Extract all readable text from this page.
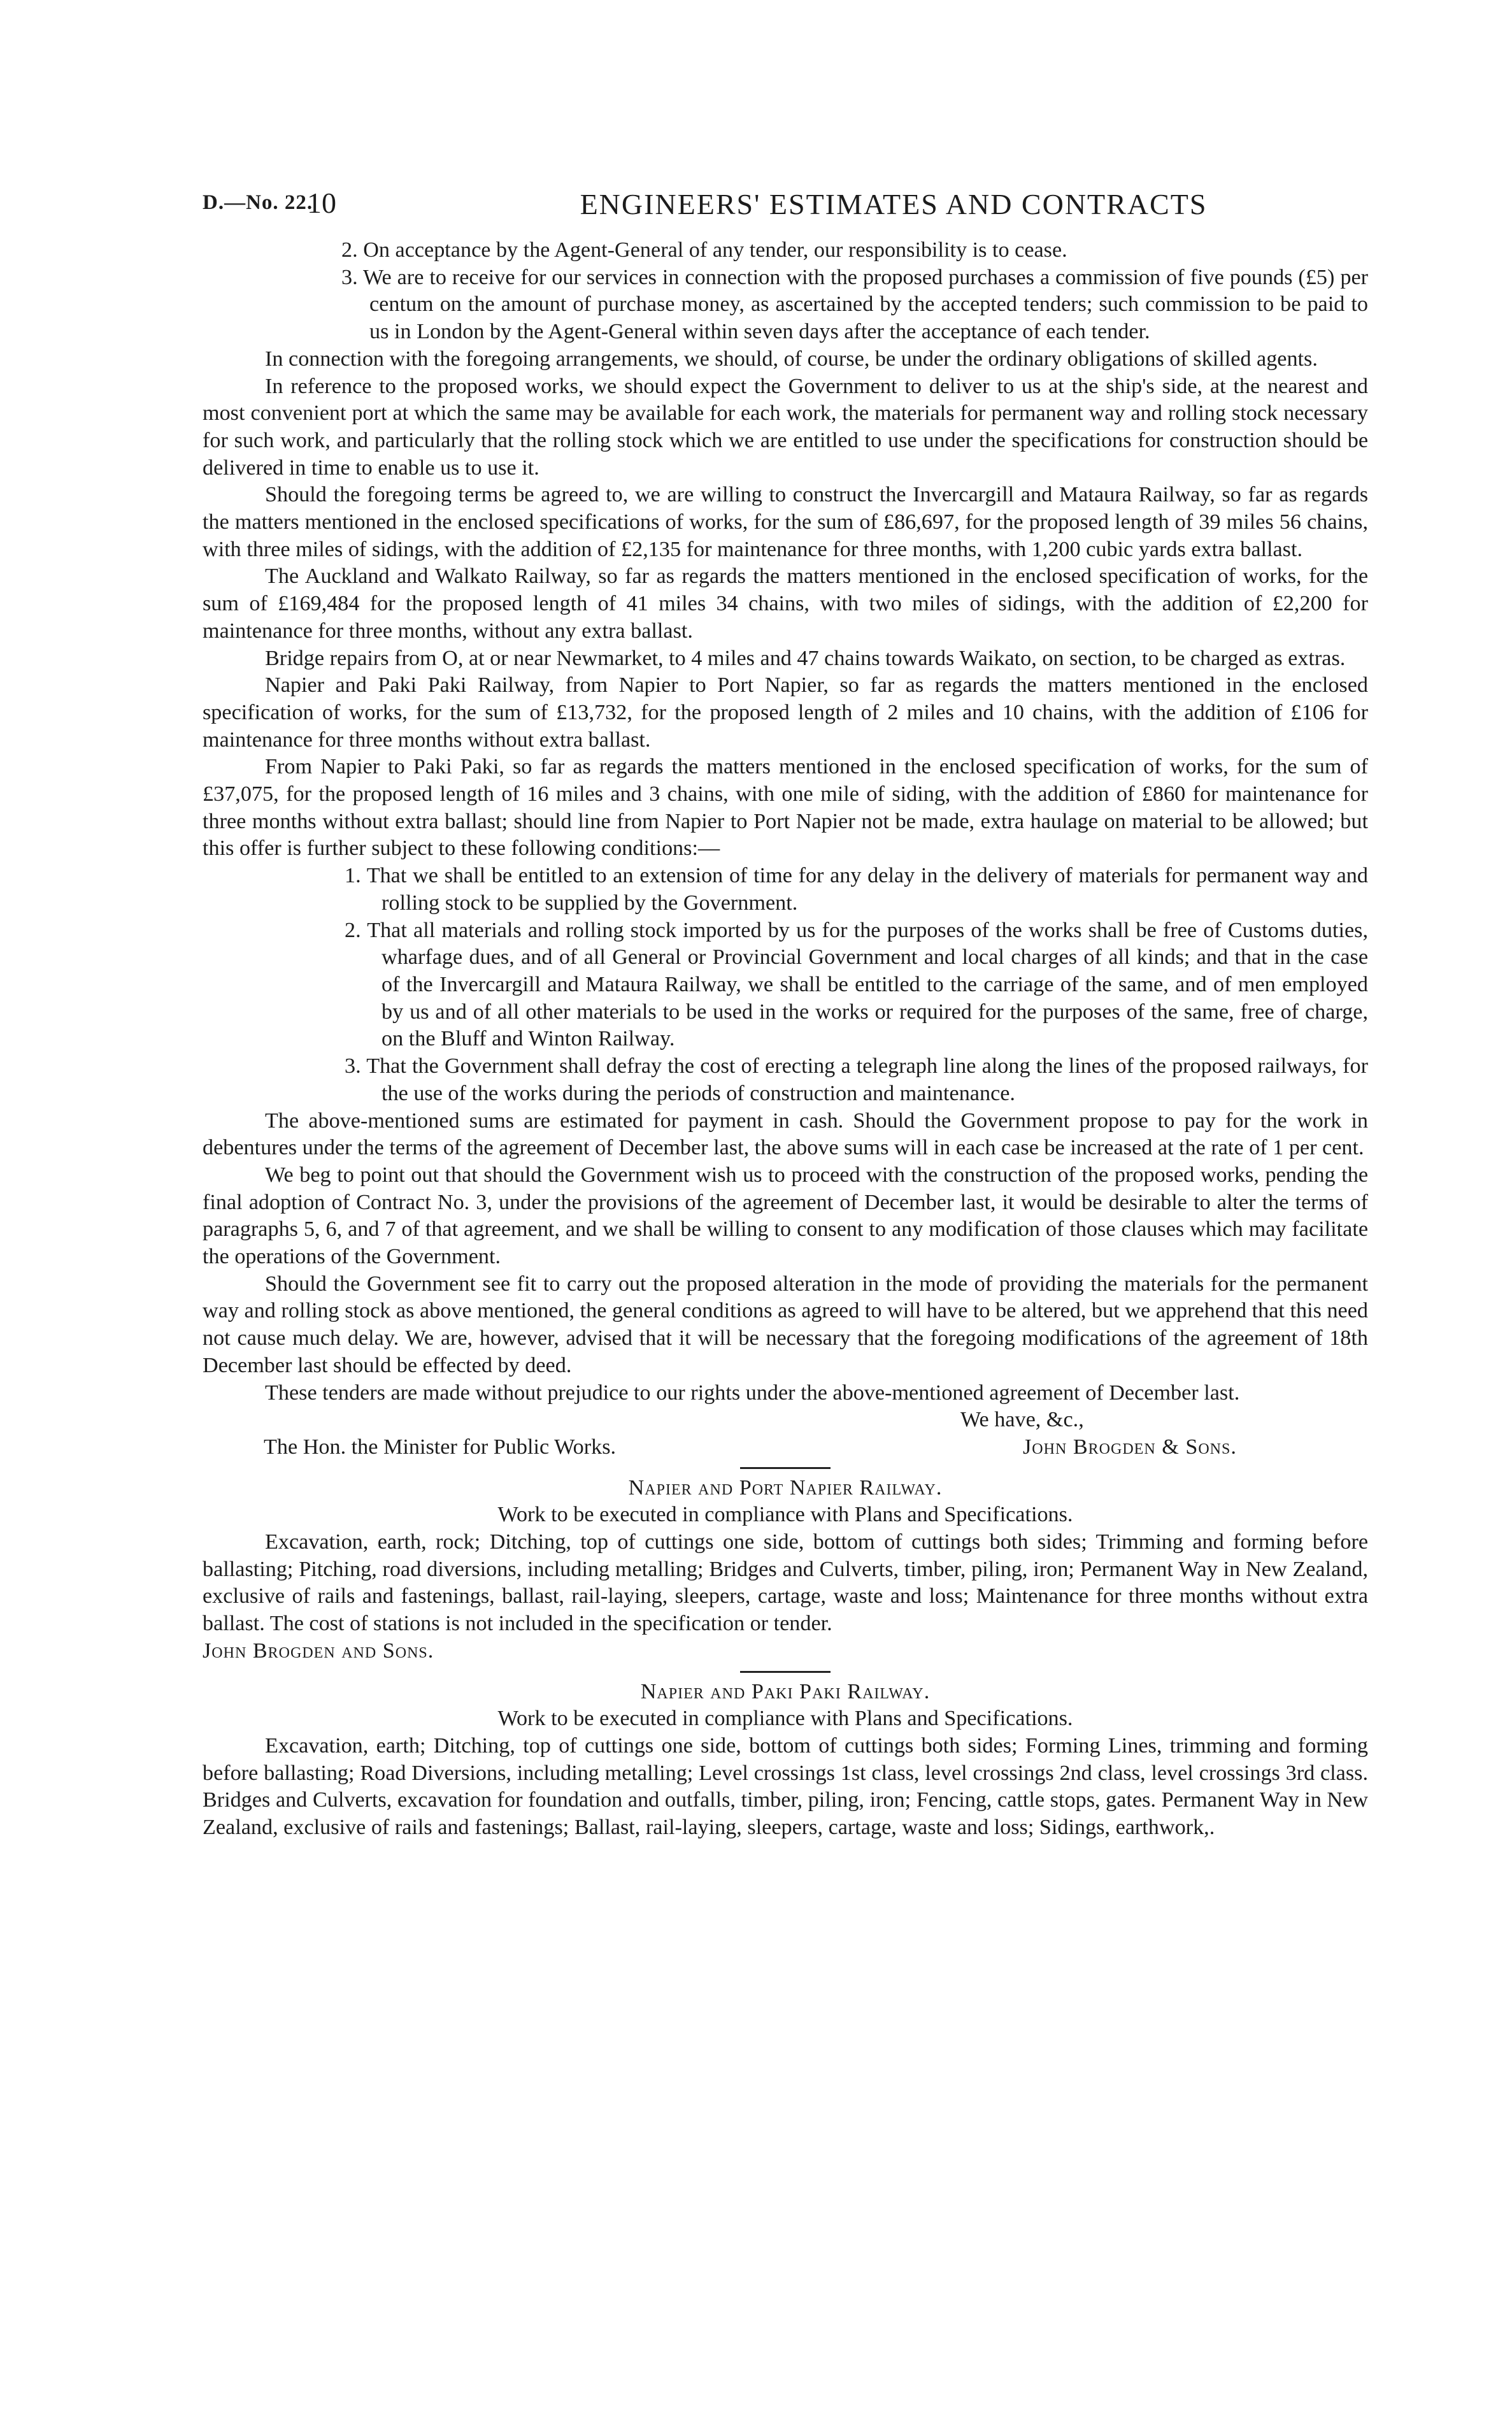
D.—No. 22.
10	ENGINEERS' ESTIMATES AND CONTRACTS

2. On acceptance by the Agent-General of any tender, our responsibility is to cease.

3. We are to receive for our services in connection with the proposed purchases a commission of five pounds (£5) per centum on the amount of purchase money, as ascertained by the accepted tenders; such commission to be paid to us in London by the Agent-General within seven days after the acceptance of each tender.

In connection with the foregoing arrangements, we should, of course, be under the ordinary obligations of skilled agents.

In reference to the proposed works, we should expect the Government to deliver to us at the ship's side, at the nearest and most convenient port at which the same may be available for each work, the materials for permanent way and rolling stock necessary for such work, and particularly that the rolling stock which we are entitled to use under the specifications for construction should be delivered in time to enable us to use it.

Should the foregoing terms be agreed to, we are willing to construct the Invercargill and Mataura Railway, so far as regards the matters mentioned in the enclosed specifications of works, for the sum of £86,697, for the proposed length of 39 miles 56 chains, with three miles of sidings, with the addition of £2,135 for maintenance for three months, with 1,200 cubic yards extra ballast.

The Auckland and Walkato Railway, so far as regards the matters mentioned in the enclosed specification of works, for the sum of £169,484 for the proposed length of 41 miles 34 chains, with two miles of sidings, with the addition of £2,200 for maintenance for three months, without any extra ballast.

Bridge repairs from O, at or near Newmarket, to 4 miles and 47 chains towards Waikato, on section, to be charged as extras.

Napier and Paki Paki Railway, from Napier to Port Napier, so far as regards the matters mentioned in the enclosed specification of works, for the sum of £13,732, for the proposed length of 2 miles and 10 chains, with the addition of £106 for maintenance for three months without extra ballast.

From Napier to Paki Paki, so far as regards the matters mentioned in the enclosed specification of works, for the sum of £37,075, for the proposed length of 16 miles and 3 chains, with one mile of siding, with the addition of £860 for maintenance for three months without extra ballast; should line from Napier to Port Napier not be made, extra haulage on material to be allowed; but this offer is further subject to these following conditions:—

1. That we shall be entitled to an extension of time for any delay in the delivery of materials for permanent way and rolling stock to be supplied by the Government.

2. That all materials and rolling stock imported by us for the purposes of the works shall be free of Customs duties, wharfage dues, and of all General or Provincial Government and local charges of all kinds; and that in the case of the Invercargill and Mataura Railway, we shall be entitled to the carriage of the same, and of men employed by us and of all other materials to be used in the works or required for the purposes of the same, free of charge, on the Bluff and Winton Railway.

3. That the Government shall defray the cost of erecting a telegraph line along the lines of the proposed railways, for the use of the works during the periods of construction and maintenance.

The above-mentioned sums are estimated for payment in cash. Should the Government propose to pay for the work in debentures under the terms of the agreement of December last, the above sums will in each case be increased at the rate of 1 per cent.

We beg to point out that should the Government wish us to proceed with the construction of the proposed works, pending the final adoption of Contract No. 3, under the provisions of the agreement of December last, it would be desirable to alter the terms of paragraphs 5, 6, and 7 of that agreement, and we shall be willing to consent to any modification of those clauses which may facilitate the operations of the Government.

Should the Government see fit to carry out the proposed alteration in the mode of providing the materials for the permanent way and rolling stock as above mentioned, the general conditions as agreed to will have to be altered, but we apprehend that this need not cause much delay. We are, however, advised that it will be necessary that the foregoing modifications of the agreement of 18th December last should be effected by deed.

These tenders are made without prejudice to our rights under the above-mentioned agreement of December last.

We have, &c.,
The Hon. the Minister for Public Works.	John Brogden & Sons.

Napier and Port Napier Railway.

Work to be executed in compliance with Plans and Specifications.

Excavation, earth, rock; Ditching, top of cuttings one side, bottom of cuttings both sides; Trimming and forming before ballasting; Pitching, road diversions, including metalling; Bridges and Culverts, timber, piling, iron; Permanent Way in New Zealand, exclusive of rails and fastenings, ballast, rail-laying, sleepers, cartage, waste and loss; Maintenance for three months without extra ballast. The cost of stations is not included in the specification or tender.

John Brogden and Sons.

Napier and Paki Paki Railway.

Work to be executed in compliance with Plans and Specifications.

Excavation, earth; Ditching, top of cuttings one side, bottom of cuttings both sides; Forming Lines, trimming and forming before ballasting; Road Diversions, including metalling; Level crossings 1st class, level crossings 2nd class, level crossings 3rd class. Bridges and Culverts, excavation for foundation and outfalls, timber, piling, iron; Fencing, cattle stops, gates. Permanent Way in New Zealand, exclusive of rails and fastenings; Ballast, rail-laying, sleepers, cartage, waste and loss; Sidings, earthwork,.
